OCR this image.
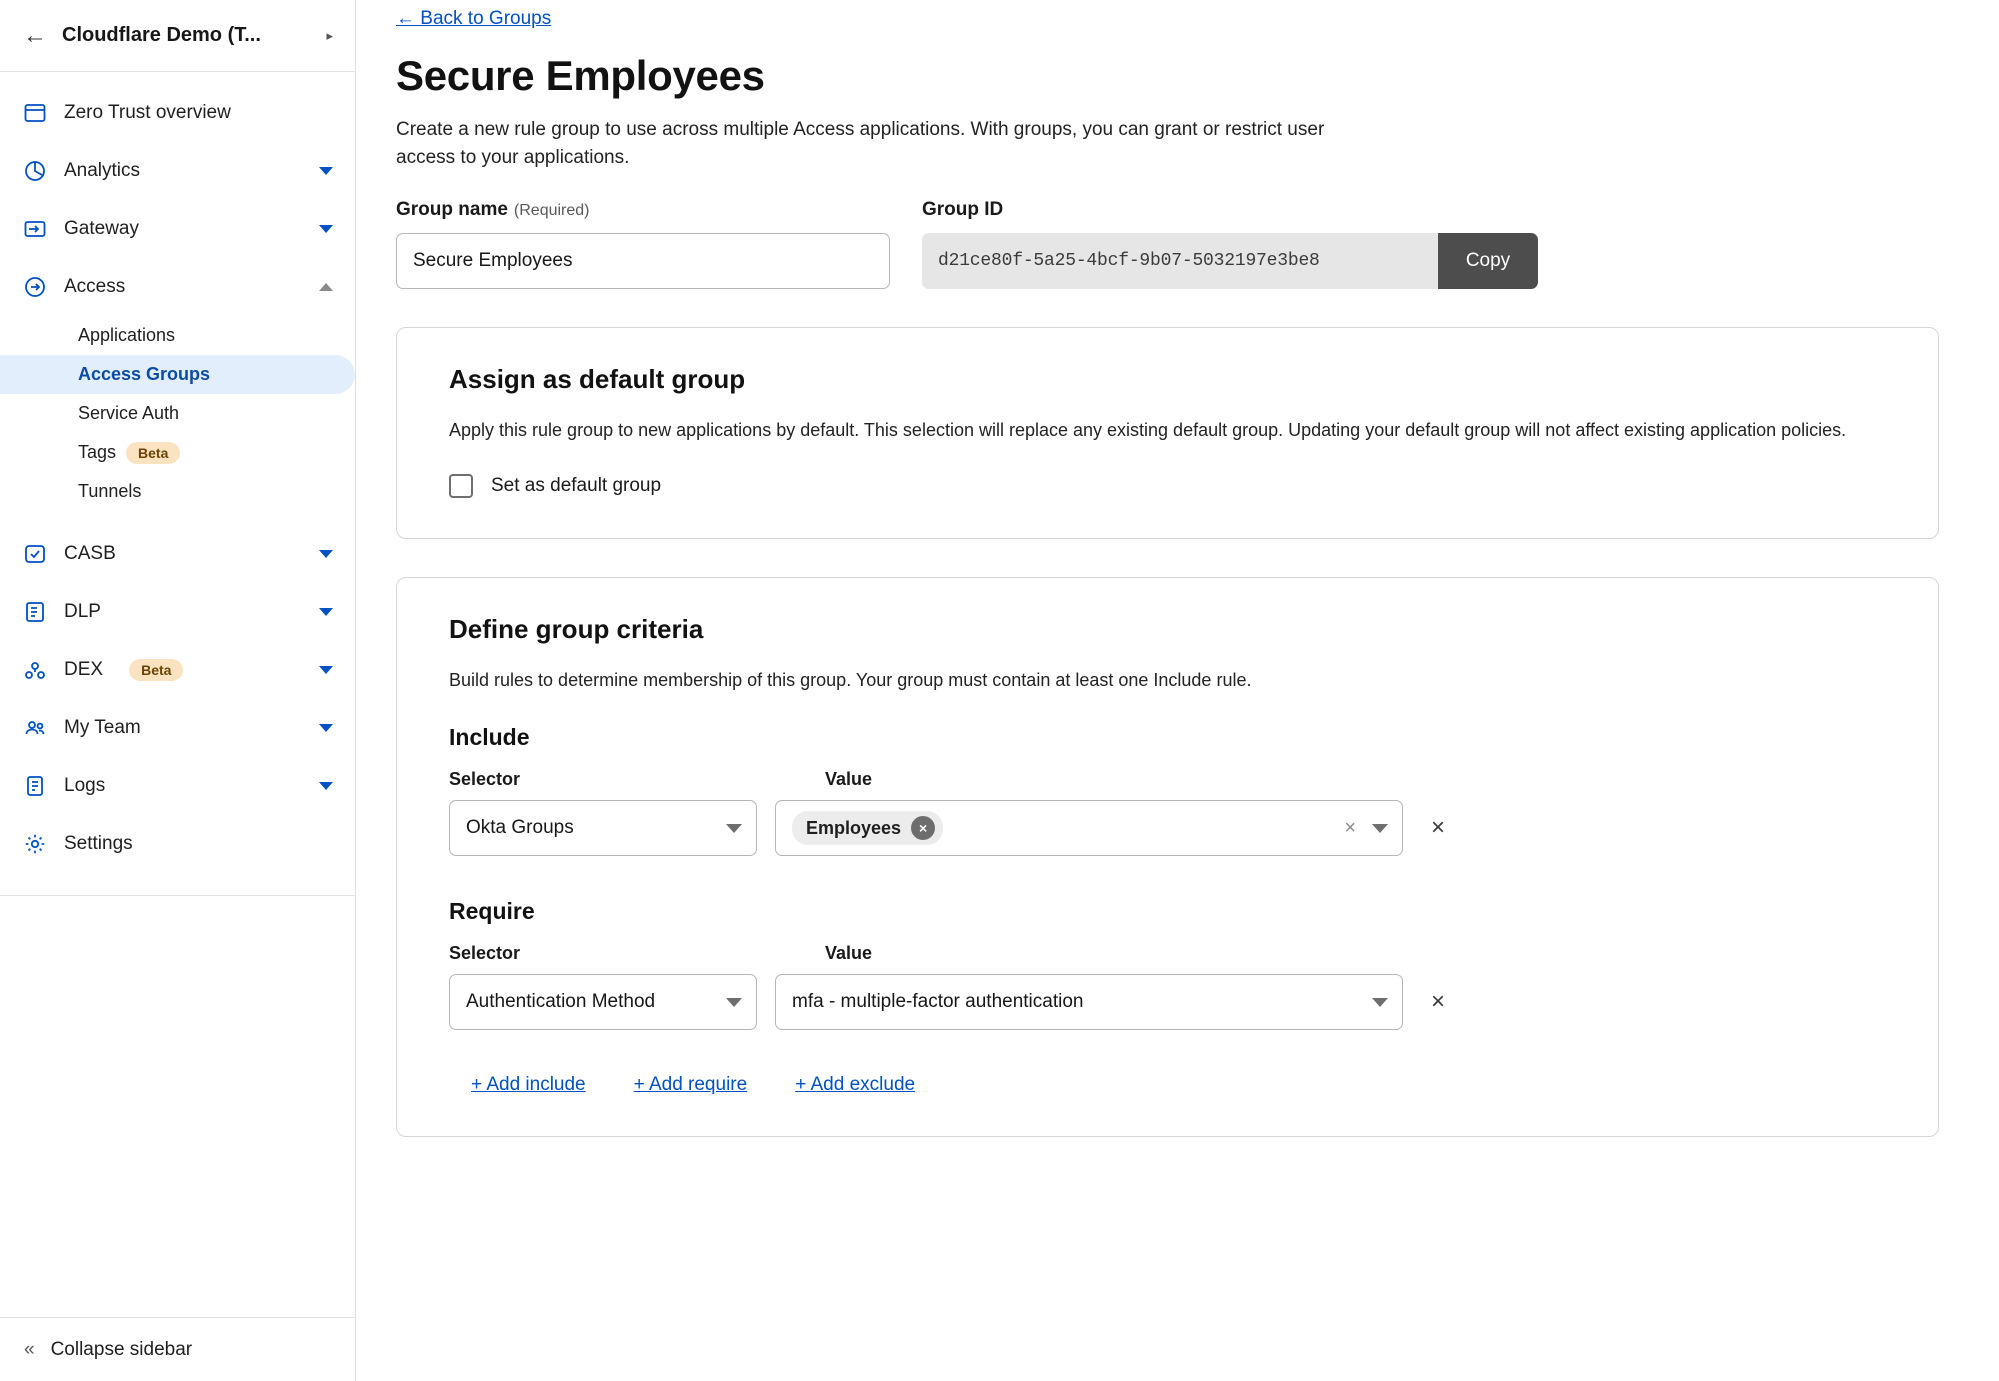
← Cloudflare Demo (T...	▸
Zero Trust overview
Analytics
Gateway
Access
Applications
Access Groups
Service Auth
Tags	Beta
Tunnels
CASB
DLP
DEX	Beta
My Team
Logs
Settings
« Collapse sidebar
← Back to Groups
Secure Employees
Create a new rule group to use across multiple Access applications. With groups, you can grant or restrict user access to your applications.
Group name (Required)
Secure Employees	Group ID
d21ce80f-5a25-4bcf-9b07-5032197e3be8	Copy
Assign as default group

Apply this rule group to new applications by default. This selection will replace any existing default group. Updating your default group will not affect existing application policies.

Set as default group
Define group criteria

Build rules to determine membership of this group. Your group must contain at least one Include rule.

Include
Selector	Value
Okta Groups	Employees	×	×	×
Require
Selector	Value
Authentication Method	mfa - multiple-factor authentication	×
+ Add include	+ Add require	+ Add exclude
